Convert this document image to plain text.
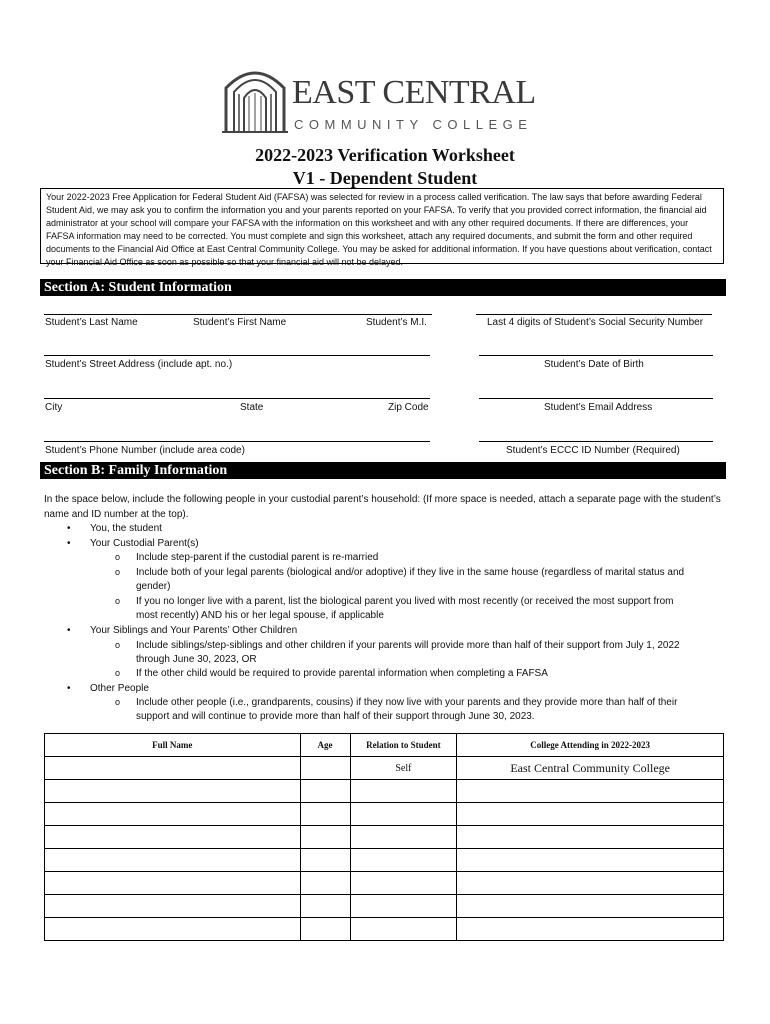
EAST CENTRAL
COMMUNITY COLLEGE
2022-2023 Verification Worksheet
V1 - Dependent Student
Your 2022-2023 Free Application for Federal Student Aid (FAFSA) was selected for review in a process called verification. The law says that before awarding Federal Student Aid, we may ask you to confirm the information you and your parents reported on your FAFSA. To verify that you provided correct information, the financial aid administrator at your school will compare your FAFSA with the information on this worksheet and with any other required documents. If there are differences, your FAFSA information may need to be corrected. You must complete and sign this worksheet, attach any required documents, and submit the form and other required documents to the Financial Aid Office at East Central Community College. You may be asked for additional information. If you have questions about verification, contact your Financial Aid Office as soon as possible so that your financial aid will not be delayed.
Section A: Student Information
Student’s Last Name	Student’s First Name	Student’s M.I.	Last 4 digits of Student’s Social Security Number
Student’s Street Address (include apt. no.)	Student’s Date of Birth
City	State	Zip Code	Student’s Email Address
Student’s Phone Number (include area code)	Student’s ECCC ID Number (Required)
Section B: Family Information
In the space below, include the following people in your custodial parent’s household: (If more space is needed, attach a separate page with the student’s name and ID number at the top).
• You, the student
• Your Custodial Parent(s)
o Include step-parent if the custodial parent is re-married
o Include both of your legal parents (biological and/or adoptive) if they live in the same house (regardless of marital status and
gender)
o If you no longer live with a parent, list the biological parent you lived with most recently (or received the most support from
most recently) AND his or her legal spouse, if applicable
• Your Siblings and Your Parents’ Other Children
o Include siblings/step-siblings and other children if your parents will provide more than half of their support from July 1, 2022
through June 30, 2023, OR
o If the other child would be required to provide parental information when completing a FAFSA
• Other People
o Include other people (i.e., grandparents, cousins) if they now live with your parents and they provide more than half of their
support and will continue to provide more than half of their support through June 30, 2023.
Full Name	Age	Relation to Student	College Attending in 2022-2023
		Self	East Central Community College
